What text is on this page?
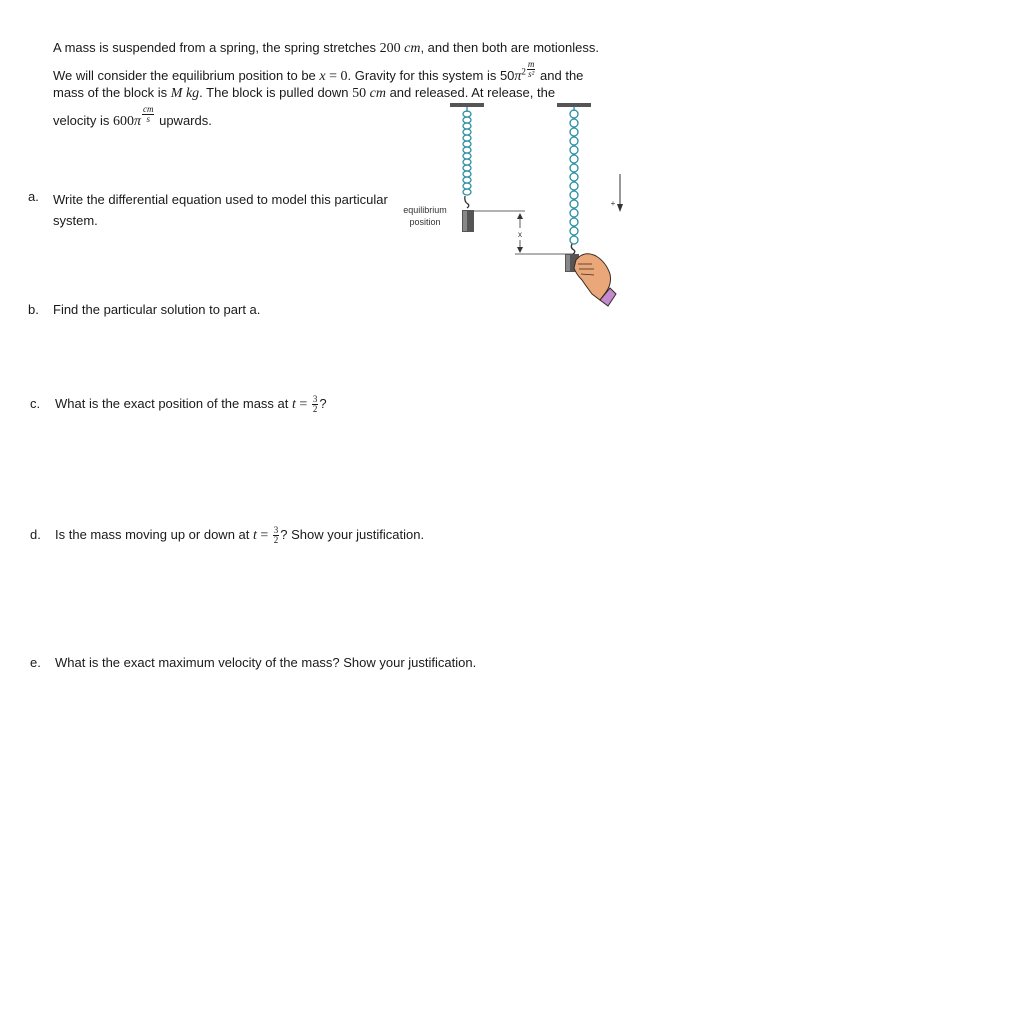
A mass is suspended from a spring, the spring stretches 200 cm, and then both are motionless.
We will consider the equilibrium position to be x = 0. Gravity for this system is $50\pi^2 \frac{m}{\text{s²}}$ and the
mass of the block is M kg. The block is pulled down 50 cm and released. At release, the
velocity is $600\pi \frac{cm}{s}$ upwards.
a. Write the differential equation used to model this particular
system.
b. Find the particular solution to part a.
c. What is the exact position of the mass at $t = \frac{3}{2}$ ?
d. Is the mass moving up or down at $t = \frac{3}{2}$ ? Show your justification.
e. What is the exact maximum velocity of the mass? Show your justification.
equilibrium
position
x
+
